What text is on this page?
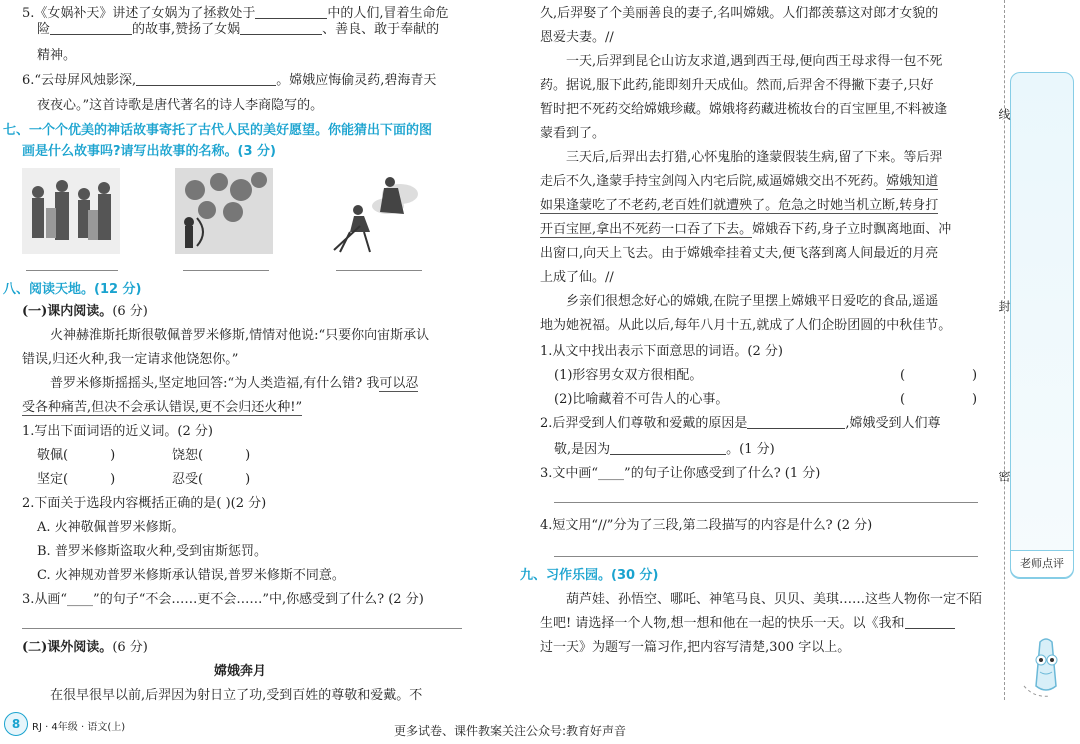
5.《女娲补天》讲述了女娲为了拯救处于	中的人们,冒着生命危
险	的故事,赞扬了女娲	、善良、敢于奉献的
精神。
6.“云母屏风烛影深,	。嫦娥应悔偷灵药,碧海青天
夜夜心。”这首诗歌是唐代著名的诗人李商隐写的。
七、一个个优美的神话故事寄托了古代人民的美好愿望。你能猜出下面的图
画是什么故事吗?请写出故事的名称。(3 分)
八、阅读天地。(12 分)
(一)课内阅读。(6 分)
火神赫淮斯托斯很敬佩普罗米修斯,情情对他说:“只要你向宙斯承认
错误,归还火种,我一定请求他饶恕你。”
普罗米修斯摇摇头,坚定地回答:“为人类造福,有什么错? 我可以忍
受各种痛苦,但决不会承认错误,更不会归还火种!”
1.写出下面词语的近义词。(2 分)
敬佩(	)	饶恕(	)
坚定(	)	忍受(	)
2.下面关于选段内容概括正确的是( )(2 分)
A. 火神敬佩普罗米修斯。
B. 普罗米修斯盗取火种,受到宙斯惩罚。
C. 火神规劝普罗米修斯承认错误,普罗米修斯不同意。
3.从画“____”的句子“不会……更不会……”中,你感受到了什么? (2 分)
(二)课外阅读。(6 分)
嫦娥奔月
在很早很早以前,后羿因为射日立了功,受到百姓的尊敬和爱戴。不
8	RJ · 4年级 · 语文(上)
久,后羿娶了个美丽善良的妻子,名叫嫦娥。人们都羡慕这对郎才女貌的
恩爱夫妻。//
一天,后羿到昆仑山访友求道,遇到西王母,便向西王母求得一包不死
药。据说,服下此药,能即刻升天成仙。然而,后羿舍不得撇下妻子,只好
暂时把不死药交给嫦娥珍藏。嫦娥将药藏进梳妆台的百宝匣里,不料被逢
蒙看到了。
三天后,后羿出去打猎,心怀鬼胎的逢蒙假装生病,留了下来。等后羿
走后不久,逢蒙手持宝剑闯入内宅后院,威逼嫦娥交出不死药。嫦娥知道
如果逢蒙吃了不老药,老百姓们就遭殃了。危急之时她当机立断,转身打
开百宝匣,拿出不死药一口吞了下去。嫦娥吞下药,身子立时飘离地面、冲
出窗口,向天上飞去。由于嫦娥牵挂着丈夫,便飞落到离人间最近的月亮
上成了仙。//
乡亲们很想念好心的嫦娥,在院子里摆上嫦娥平日爱吃的食品,遥遥
地为她祝福。从此以后,每年八月十五,就成了人们企盼团圆的中秋佳节。
1.从文中找出表示下面意思的词语。(2 分)
(1)形容男女双方很相配。	(	)
(2)比喻藏着不可告人的心事。	(	)
2.后羿受到人们尊敬和爱戴的原因是	,嫦娥受到人们尊
敬,是因为	。(1 分)
3.文中画“____”的句子让你感受到了什么? (1 分)
4.短文用“//”分为了三段,第二段描写的内容是什么? (2 分)
九、习作乐园。(30 分)
葫芦娃、孙悟空、哪吒、神笔马良、贝贝、美琪……这些人物你一定不陌
生吧! 请选择一个人物,想一想和他在一起的快乐一天。以《我和
过一天》为题写一篇习作,把内容写清楚,300 字以上。
线
封
密
老师点评
更多试卷、课件教案关注公众号:教育好声音
